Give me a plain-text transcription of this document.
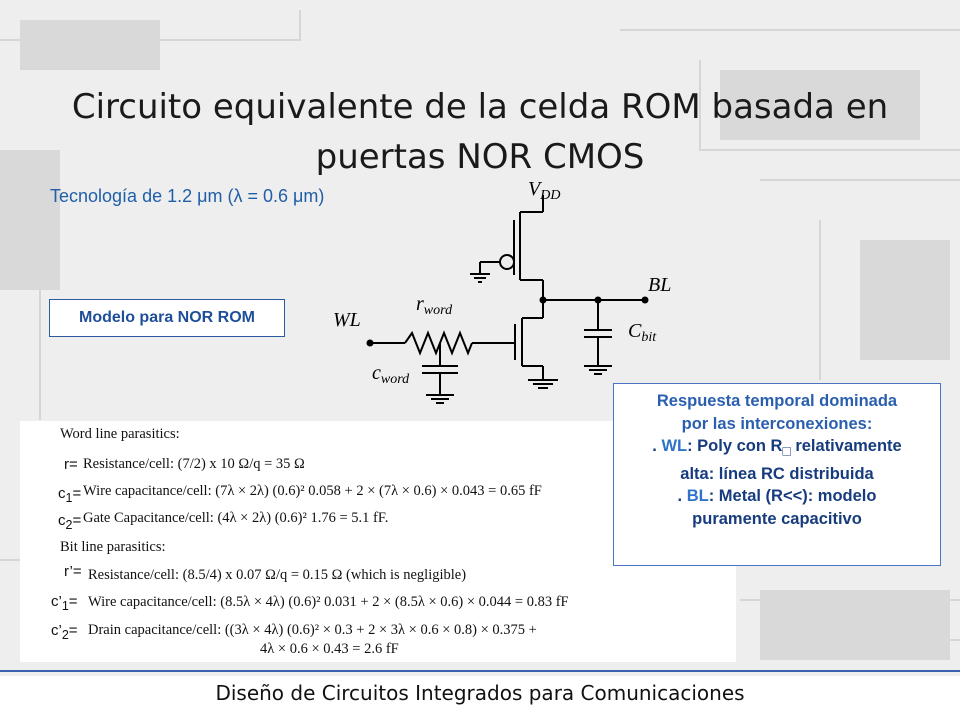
Circuito equivalente de la celda ROM basada en puertas NOR CMOS
Tecnología de 1.2 μm (λ = 0.6 μm)
Modelo para NOR ROM
$V_{DD}$
BL
WL
$r_{word}$
$C_{bit}$
$c_{word}$
Word line parasitics:
r= Resistance/cell: (7/2) x 10 Ω/q = 35 Ω
$c_1=$ Wire capacitance/cell: (7λ × 2λ) (0.6)² 0.058 + 2 × (7λ × 0.6) × 0.043 = 0.65 fF
$c_2=$ Gate Capacitance/cell: (4λ × 2λ) (0.6)² 1.76 = 5.1 fF.
Bit line parasitics:
r’= Resistance/cell: (8.5/4) x 0.07 Ω/q = 0.15 Ω (which is negligible)
$c’_1=$ Wire capacitance/cell: (8.5λ × 4λ) (0.6)² 0.031 + 2 × (8.5λ × 0.6) × 0.044 = 0.83 fF
$c’_2=$ Drain capacitance/cell: ((3λ × 4λ) (0.6)² × 0.3 + 2 × 3λ × 0.6 × 0.8) × 0.375 +
4λ × 0.6 × 0.43 = 2.6 fF
Respuesta temporal dominada
por las interconexiones:
. WL: Poly con $R_□$ relativamente
alta: línea RC distribuida
. BL: Metal (R<<): modelo
puramente capacitivo
Diseño de Circuitos Integrados para Comunicaciones
